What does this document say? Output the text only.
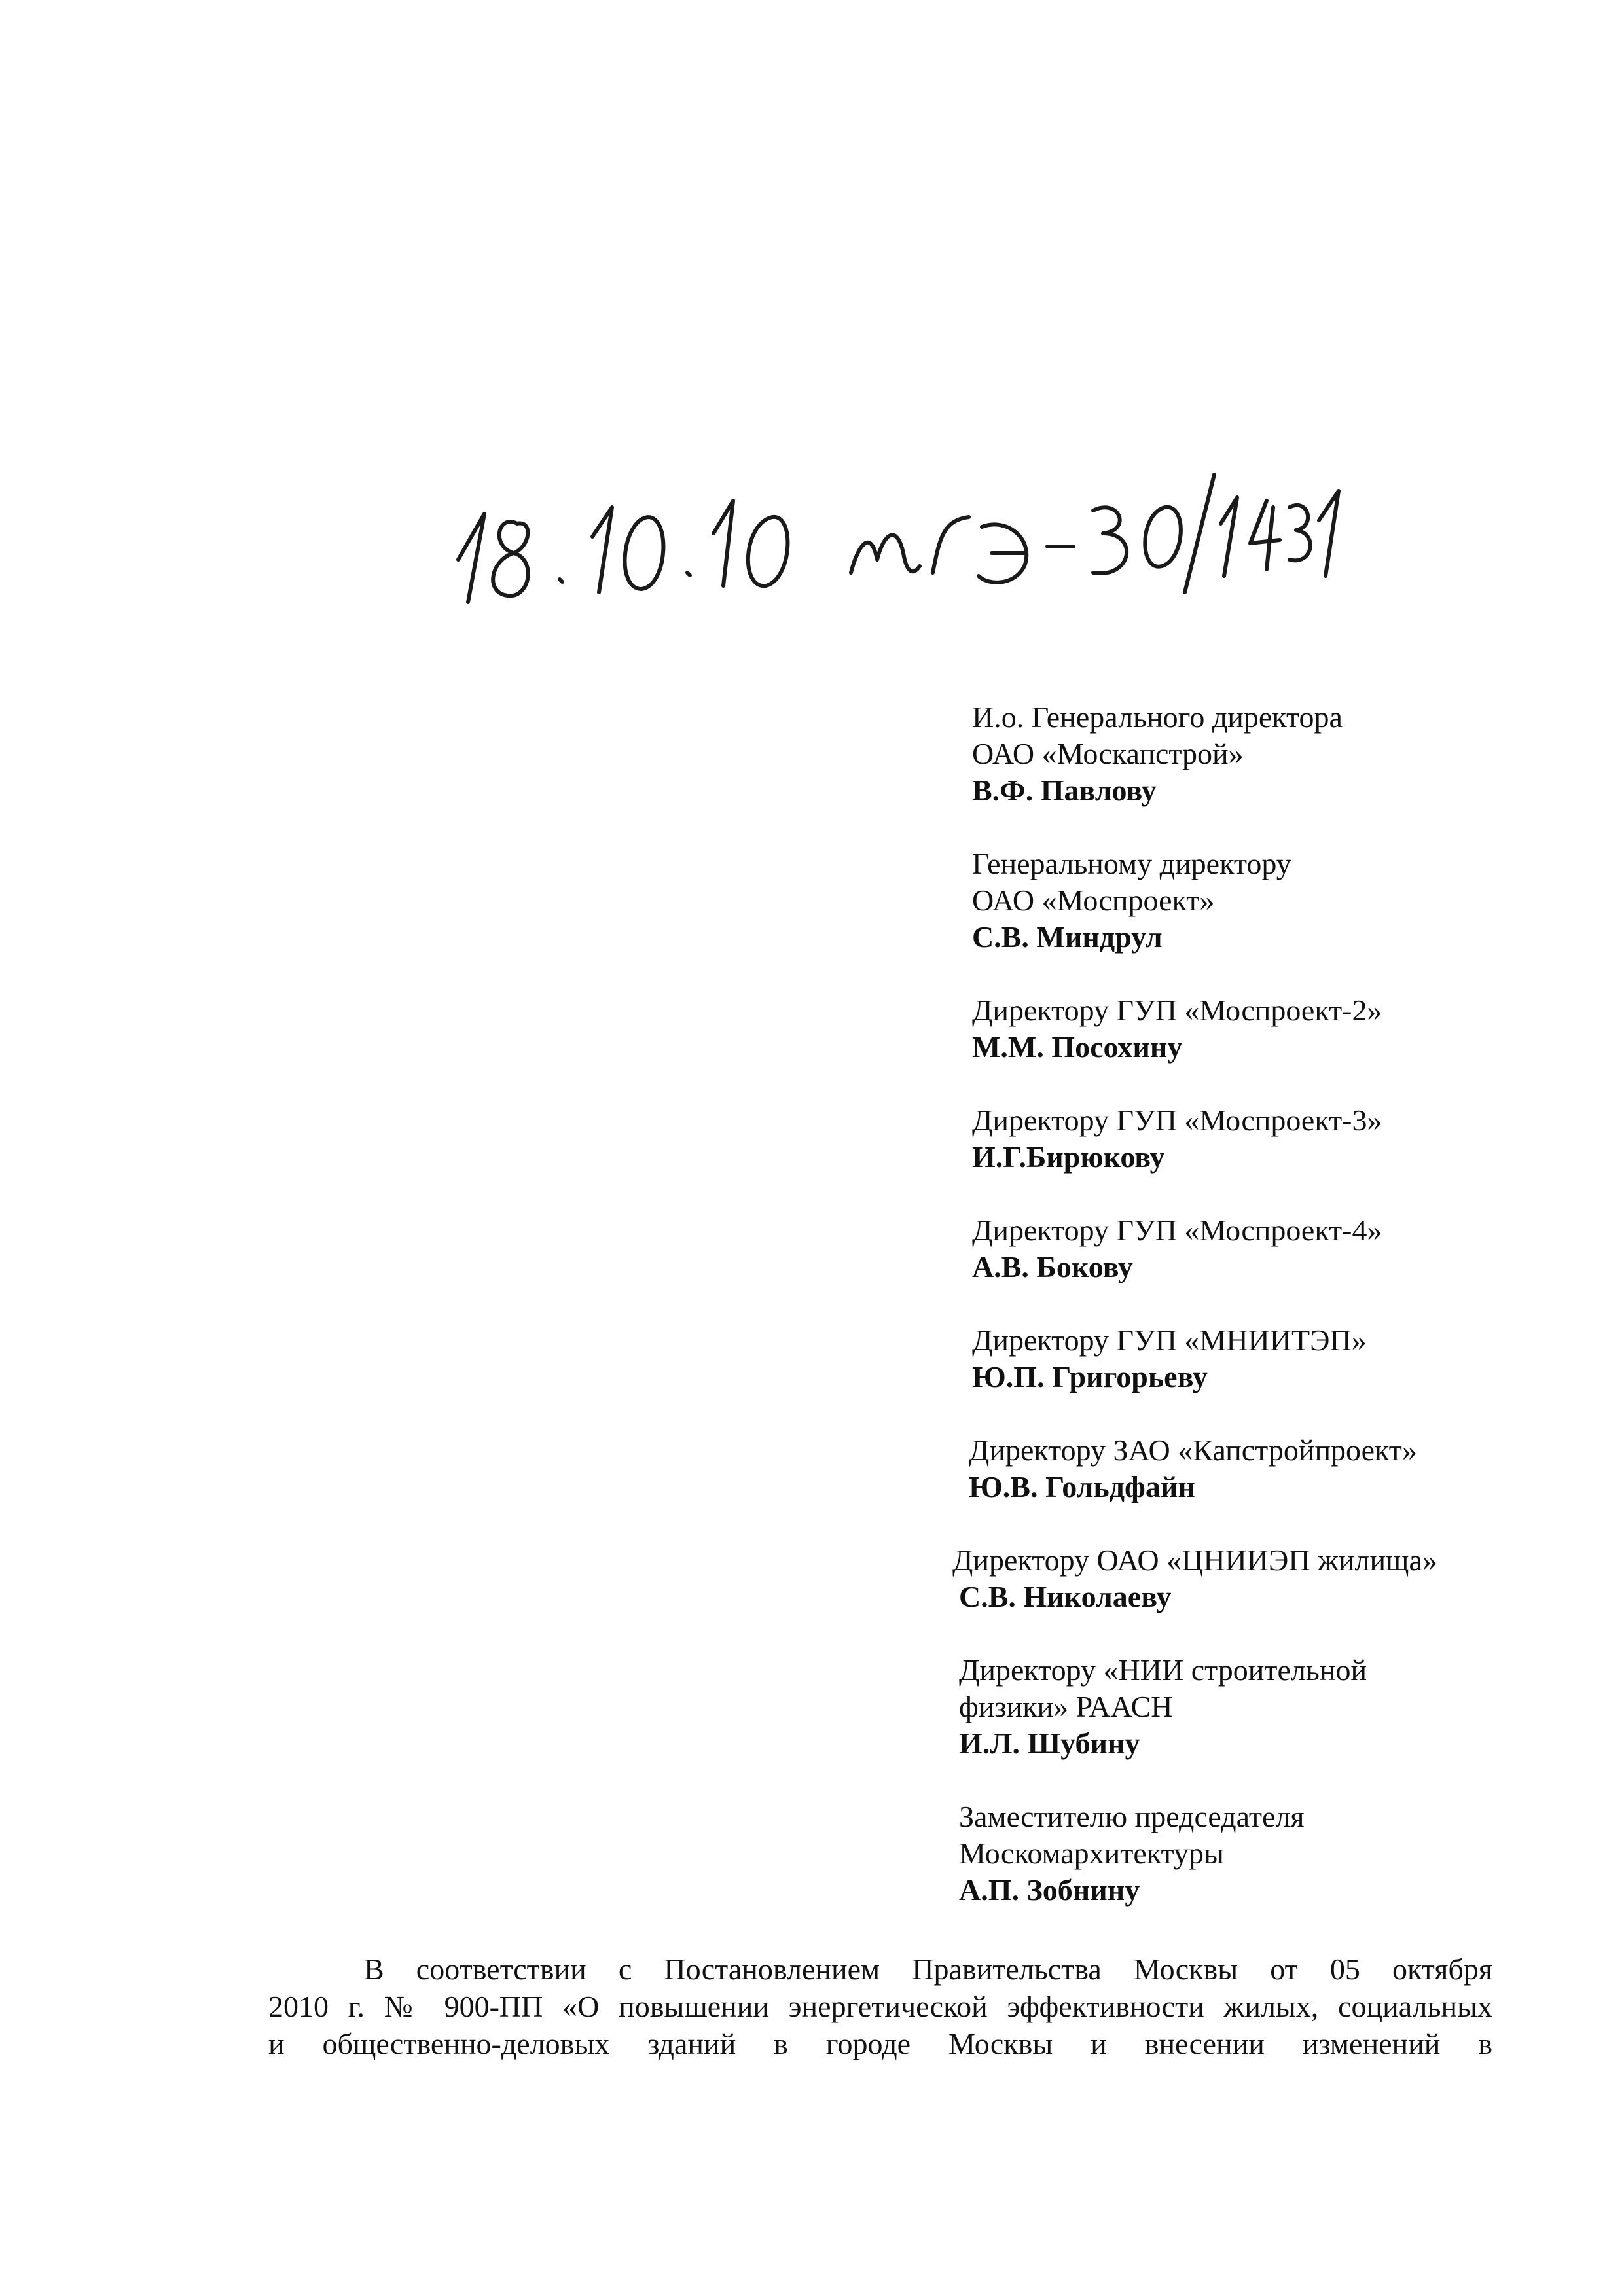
И.о. Генерального директора
ОАО «Москапстрой»
В.Ф. Павлову
Генеральному директору
ОАО «Моспроект»
С.В. Миндрул
Директору ГУП «Моспроект-2»
М.М. Посохину
Директору ГУП «Моспроект-3»
И.Г.Бирюкову
Директору ГУП «Моспроект-4»
А.В. Бокову
Директору ГУП «МНИИТЭП»
Ю.П. Григорьеву
Директору ЗАО «Капстройпроект»
Ю.В. Гольдфайн
Директору ОАО «ЦНИИЭП жилища»
С.В. Николаеву
Директору «НИИ строительной
физики» РААСН
И.Л. Шубину
Заместителю председателя
Москомархитектуры
А.П. Зобнину
В соответствии с Постановлением Правительства Москвы от 05 октября
2010 г. № 900-ПП «О повышении энергетической эффективности жилых, социальных
и общественно-деловых зданий в городе Москвы и внесении изменений в
